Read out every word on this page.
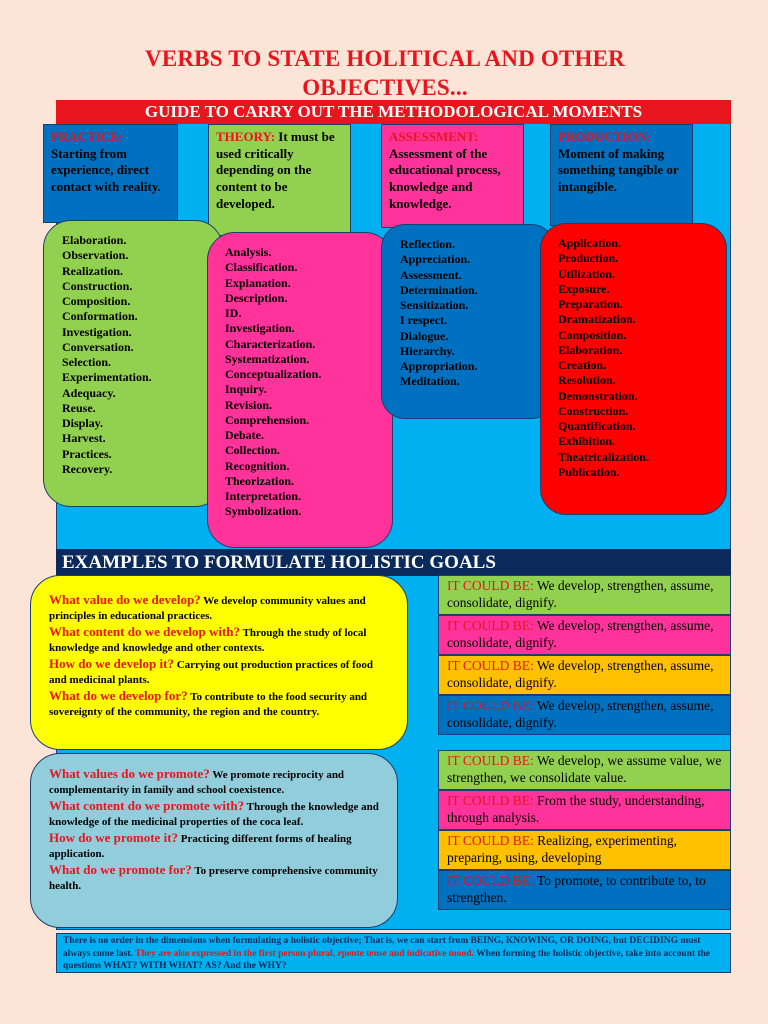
VERBS TO STATE HOLITICAL AND OTHER
OBJECTIVES...
GUIDE TO CARRY OUT THE METHODOLOGICAL MOMENTS
PRACTICE: Starting from experience, direct contact with reality.
THEORY: It must be used critically depending on the content to be developed.
ASSESSMENT: Assessment of the educational process, knowledge and knowledge.
PRODUCTION: Moment of making something tangible or intangible.
Elaboration.
Observation.
Realization.
Construction.
Composition.
Conformation.
Investigation.
Conversation.
Selection.
Experimentation.
Adequacy.
Reuse.
Display.
Harvest.
Practices.
Recovery.
Analysis.
Classification.
Explanation.
Description.
ID.
Investigation.
Characterization.
Systematization.
Conceptualization.
Inquiry.
Revision.
Comprehension.
Debate.
Collection.
Recognition.
Theorization.
Interpretation.
Symbolization.
Reflection.
Appreciation.
Assessment.
Determination.
Sensitization.
I respect.
Dialogue.
Hierarchy.
Appropriation.
Meditation.
Application.
Production.
Utilization.
Exposure.
Preparation.
Dramatization.
Composition.
Elaboration.
Creation.
Resolution.
Demonstration.
Construction.
Quantification.
Exhibition.
Theatricalization.
Publication.
EXAMPLES TO FORMULATE HOLISTIC GOALS
What value do we develop? We develop community values and principles in educational practices.
What content do we develop with? Through the study of local knowledge and knowledge and other contexts.
How do we develop it? Carrying out production practices of food and medicinal plants.
What do we develop for? To contribute to the food security and sovereignty of the community, the region and the country.
What values do we promote? We promote reciprocity and complementarity in family and school coexistence.
What content do we promote with? Through the knowledge and knowledge of the medicinal properties of the coca leaf.
How do we promote it? Practicing different forms of healing application.
What do we promote for? To preserve comprehensive community health.
IT COULD BE: We develop, strengthen, assume, consolidate, dignify.
IT COULD BE: We develop, strengthen, assume, consolidate, dignify.
IT COULD BE: We develop, strengthen, assume, consolidate, dignify.
IT COULD BE: We develop, strengthen, assume, consolidate, dignify.
IT COULD BE: We develop, we assume value, we strengthen, we consolidate value.
IT COULD BE: From the study, understanding, through analysis.
IT COULD BE: Realizing, experimenting, preparing, using, developing
IT COULD BE: To promote, to contribute to, to strengthen.
There is no order in the dimensions when formulating a holistic objective; That is, we can start from BEING, KNOWING, OR DOING, but DECIDING must always come last. They are also expressed in the first person plural, rpente tense and indicative mood. When forming the holistic objective, take into account the questions WHAT? WITH WHAT? AS? And the WHY?
